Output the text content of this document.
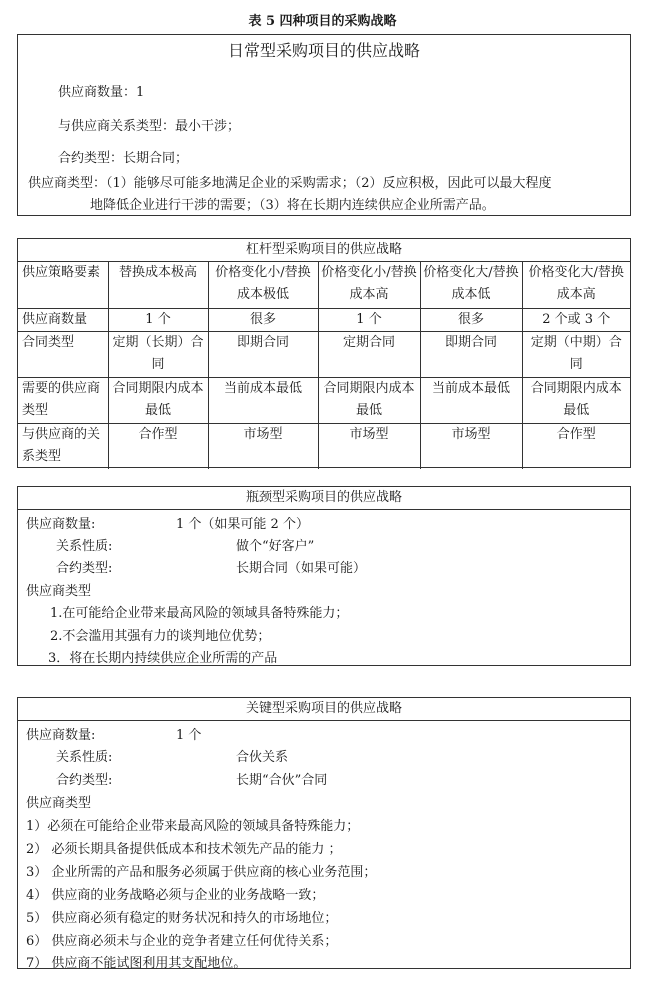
表 5 四种项目的采购战略
日常型采购项目的供应战略
供应商数量：1
与供应商关系类型：最小干涉；
合约类型：长期合同；
供应商类型：（1）能够尽可能多地满足企业的采购需求；（2）反应积极，因此可以最大程度
地降低企业进行干涉的需要；（3）将在长期内连续供应企业所需产品。
杠杆型采购项目的供应战略
供应策略要素	替换成本极高	价格变化小/替换成本极低	价格变化小/替换成本高	价格变化大/替换成本低	价格变化大/替换成本高
供应商数量	1 个	很多	1 个	很多	2 个或 3 个
合同类型	定期（长期）合同	即期合同	定期合同	即期合同	定期（中期）合同
需要的供应商类型	合同期限内成本最低	当前成本最低	合同期限内成本最低	当前成本最低	合同期限内成本最低
与供应商的关系类型	合作型	市场型	市场型	市场型	合作型
瓶颈型采购项目的供应战略
供应商数量:	1 个（如果可能 2 个）
关系性质:	做个“好客户”
合约类型:	长期合同（如果可能）
供应商类型
1.在可能给企业带来最高风险的领域具备特殊能力；
2.不会滥用其强有力的谈判地位优势；
3．将在长期内持续供应企业所需的产品
关键型采购项目的供应战略
供应商数量:	1 个
关系性质:	合伙关系
合约类型:	长期“合伙”合同
供应商类型
1）必须在可能给企业带来最高风险的领域具备特殊能力；
2） 必须长期具备提供低成本和技术领先产品的能力 ；
3） 企业所需的产品和服务必须属于供应商的核心业务范围；
4） 供应商的业务战略必须与企业的业务战略一致；
5） 供应商必须有稳定的财务状况和持久的市场地位；
6） 供应商必须未与企业的竞争者建立任何优待关系；
7） 供应商不能试图利用其支配地位。
